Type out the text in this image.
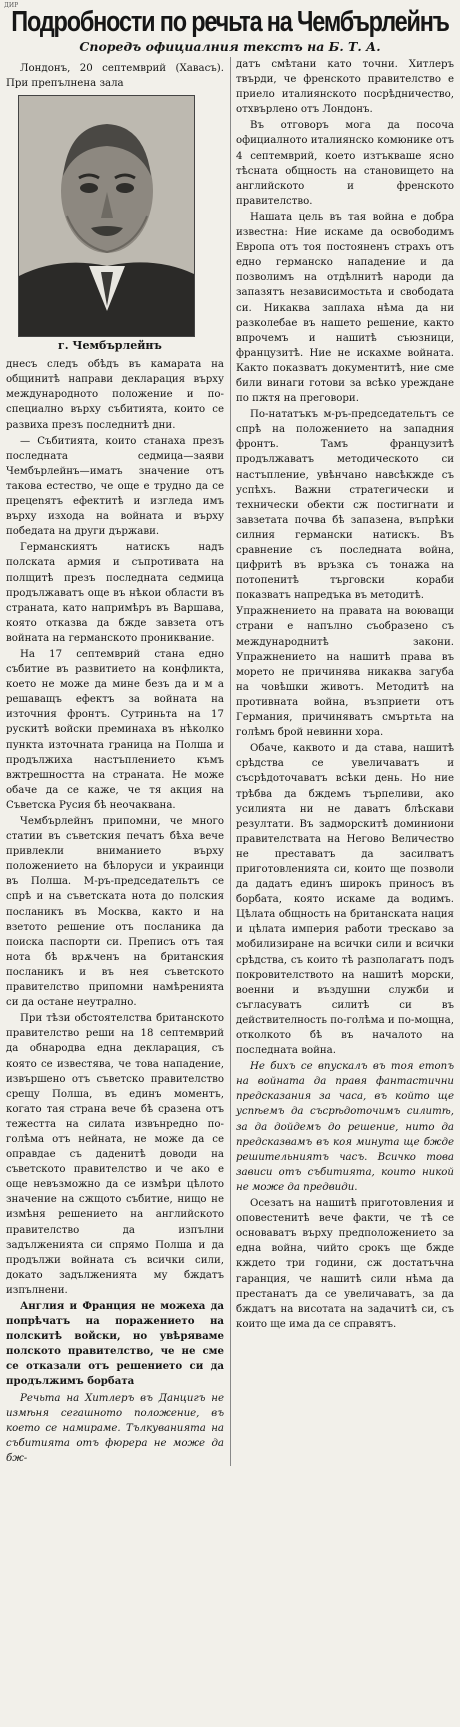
ДИР
Подробности по речьта на Чембърлейнъ
Споредъ официалния текстъ на Б. Т. А.

Лондонъ, 20 септемврий (Хавасъ). При препълнена зала

г. Чембърлейнъ

днесъ следъ обѣдъ въ камарата на общинитѣ направи декларация върху международното положение и по-специално върху събитията, които се развиха презъ последнитѣ дни.

— Събитията, които станаха презъ последната седмица—заяви Чембърлейнъ—иматъ значение отъ такова естество, че още е трудно да се прецenятъ ефектитѣ и изгледа имъ върху изхода на войната и върху победата на други държави.

Германскиятъ натискъ надъ полската армия и съпротивата на полщитѣ презъ последната седмица продължаватъ още въ нѣкои области въ страната, като напримѣръ въ Варшава, която отказва да бжде завзета отъ войната на германското прониквание.

На 17 септемврий стана едно събитие въ развитието на конфликта, което не може да мине безъ да и м а решаващъ ефектъ за войната на източния фронтъ. Сутриньта на 17 рускитѣ войски преминаха въ нѣколко пункта източната граница на Полша и продължиха настъплението къмъ вжтрешността на страната. Не можe обаче да се каже, че тя акция на Съветска Русия бѣ неочаквана.

Чембърлейнъ припомни, че много статии въ съветския печатъ бѣха вече привлекли вниманието върху положението на бѣлоруси и украинци въ Полша. М-ръ-председательтъ се спрѣ и на съветската нота до полския посланикъ въ Москва, както и на взетото решение отъ посланика да поиска паспорти си. Преписъ отъ тая нота бѣ врѫченъ на британския посланикъ и въ нея съветското правителство припомни намѣренията си да остане неутрално.

При тѣзи обстоятелства британското правителство реши на 18 септемврий да обнародва една декларация, съ която се известява, че това нападение, извършено отъ съветско правителство срещу Полша, въ единъ моментъ, когато тая страна вече бѣ сразена отъ тежестта на силата извънредно по-голѣма отъ нейната, не може да се оправдае съ даденитѣ доводи на съветското правителство и че ако е още невъзможно да се измѣри цѣлото значение на сжщото събитие, нищо не измѣня решението на английското правителство да изпълни задълженията си спрямо Полша и да продължи войната съ всички сили, докато задълженията му бждатъ изпълнени.

Англия и Франция не можеха да попрѣчатъ на поражението на полскитѣ войски, но увѣряваме полското правителство, че не сме се отказали отъ решението си да продължимъ борбата

Речьта на Хитлеръ въ Данцигъ не измѣня сегашното положение, въ което се намираме. Тълкуванията на събитията отъ фюрера не може да бж-

датъ смѣтани като точни. Хитлеръ твърди, че френското правителство е приело италиянското посрѣдничество, отхвърлено отъ Лондонъ.

Въ отговоръ мога да посоча официалното италиянско комюнике отъ 4 септемврий, което изтъкваше ясно тѣсната общность на становището на английското и френското правителство.

Нашата цель въ тая война е добра известна: Ние искаме да освободимъ Европа отъ тоя постояненъ страхъ отъ едно германско нападение и да позволимъ на отдѣлнитѣ народи да запазятъ независимостьта и свободата си. Никаква заплаха нѣма да ни разколебае въ нашето решение, както впрочемъ и нашитѣ съюзници, французитѣ. Ние не искахме войната. Както показватъ документитѣ, ние сме били винаги готови за всѣкo уреждане по пжтя на преговори.

По-нататъкъ м-ръ-председательтъ се спрѣ на положението на западния фронтъ. Тамъ французитѣ продължаватъ методическото си настъпление, увѣнчано навсѣкжде съ успѣхъ. Важни стратегически и технически обекти сж постигнати и завзетата почва бѣ запазена, въпрѣки силния германски натискъ. Въ сравнение съ последната война, цифритѣ въ връзка съ тонажа на потопенитѣ търговски кораби показватъ напредъка въ методитѣ.

Упражнението на правата на воюващи страни е напълно съобразено съ международнитѣ закони. Упражнението на нашитѣ права въ морето не причинява никаква загуба на човѣшки животъ. Методитѣ на противната война, възприети отъ Германия, причиняватъ смъртьта на голѣмъ брой невинни хора.

Обаче, каквото и да става, нашитѣ срѣдства се увеличаватъ и съсрѣдоточаватъ всѣки день. Но ние трѣбва да бждемъ търпеливи, ако усилията ни не даватъ блѣскави резултати. Въ задморскитѣ доминиони правителствата на Негово Величество не преставатъ да засилватъ приготовленията си, които ще позволи да дадатъ единъ широкъ приносъ въ борбата, която искаме да водимъ. Цѣлата общность на британската нация и цѣлата империя работи трескаво за мобилизиране на всички сили и всички срѣдства, съ които тѣ разполагатъ подъ покровителството на нашитѣ морски, военни и въздушни служби и съгласуватъ силитѣ си въ действителность по-голѣма и по-мощна, отколкото бѣ въ началото на последната война.

Не бихъ се впускалъ въ тоя етопъ на войната да правя фантастични предсказания за часа, въ който ще успѣемъ да съсрѣдоточимъ силитѣ, за да дойдемъ до решение, нито да предсказвамъ въ коя минута ще бжде решительниятъ часъ. Всичко това зависи отъ събитията, които никой не може да предвиди.

Осезатъ на нашитѣ приготовления и оповестенитѣ вече факти, че тѣ се основаватъ върху предположението за една война, чийто срокъ ще бжде кждето три години, сж достатъчна гаранция, че нашитѣ сили нѣма да престанатъ да се увеличаватъ, за да бждатъ на висотата на задачитѣ си, съ които ще има да се справятъ.
